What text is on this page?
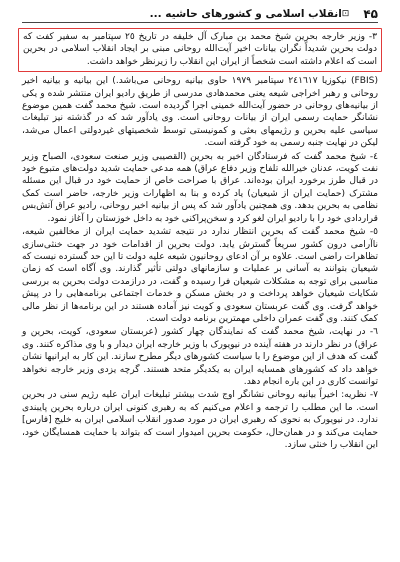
۴۵
⊡
انقلاب اسلامی و کشورهای حاشیه ...

٣- وزیر خارجه بحرین شیخ محمد بن مبارک آل خلیفه در تاریخ ٢٥ سپتامبر به سفیر کفت که دولت بحرین شدیداً نگران بیانات اخیر آیت‌الله روحانی مبنی بر ایجاد انقلاب اسلامی در بحرین است که اعلام داشته است شخصاً از ایران این انقلاب را زیرنظر خواهد داشت.

(FBIS) نیکوزیا ٢٤١٦١٧ سپتامبر ١٩٧٩ حاوی بیانیه روحانی می‌باشد.) این بیانیه و بیانیه اخیر روحانی و رهبر اخراجی شیعه یعنی محمدهادی مدرسی از طریق رادیو ایران منتشر شده و یکی از بیانیه‌های روحانی در حضور آیت‌الله خمینی اجرا گردیده است. شیخ محمد گفت همین موضوع نشانگر حمایت رسمی ایران از بیانات روحانی است. وی یادآور شد که در گذشته نیز تبلیغات سیاسی علیه بحرین و رژیمهای بعثی و کمونیستی توسط شخصیتهای غیردولتی اعمال می‌شد، لیکن در نهایت جنبه رسمی به خود گرفته است.

٤- شیخ محمد گفت که فرستادگان اخیر به بحرین (القصیبی وزیر صنعت سعودی، الصباح وزیر نفت کویت، عدنان خیرالله تلفاح وزیر دفاع عراق) همه مدعی حمایت شدید دولت‌های متبوع خود در قبال طرز برخورد ایران بوده‌اند. عراق با صراحت خاص از حمایت خود در قبال این مسئله مشترک (حمایت ایران از شیعیان) یاد کرده و بنا به اظهارات وزیر خارجه، حاضر است کمک نظامی به بحرین بدهد. وی همچنین یادآور شد که پس از بیانیه اخیر روحانی، رادیو عراق آتش‌بس قراردادی خود را با رادیو ایران لغو کرد و سخن‌پراکنی خود به داخل خوزستان را آغاز نمود.

٥- شیخ محمد گفت که بحرین انتظار ندارد در نتیجه تشدید حمایت ایران از مخالفین شیعه، ناآرامی درون کشور سریعاً گسترش یابد. دولت بحرین از اقدامات خود در جهت خنثی‌سازی تظاهرات راضی است. علاوه بر آن ادعای روحانیون شیعه علیه دولت تا این حد گسترده نیست که شیعیان بتوانند به ‌آسانی بر عملیات و سازمانهای دولتی تأثیر گذارند. وی آگاه است که زمان مناسبی برای توجه به مشکلات شیعیان فرا رسیده و گفت، در درازمدت دولت بحرین به بررسی شکایات شیعیان خواهد پرداخت و در بخش مسکن و خدمات اجتماعی برنامه‌هایی را در پیش خواهد گرفت. وی گفت عربستان سعودی و کویت نیز آماده هستند در این برنامه‌ها از نظر مالی کمک کنند. وی گفت عمران داخلی مهمترین برنامه دولت است.

٦- در نهایت، شیخ محمد گفت که نمایندگان چهار کشور (عربستان سعودی، کویت، بحرین و عراق) در نظر دارند در هفته آینده در نیویورک با وزیر خارجه ایران دیدار و با وی مذاکره کنند. وی گفت که هدف از این موضوع را با سیاست کشورهای دیگر مطرح سازند. این کار به ایرانیها نشان خواهد داد که کشورهای همسایه ایران به یکدیگر متحد هستند. گرچه یزدی وزیر خارجه نخواهد توانست کاری در این باره انجام دهد.

٧- نظریه: اخیراً بیانیه روحانی نشانگر اوج شدت بیشتر تبلیغات ایران علیه رژیم سنی در بحرین است. ما این مطلب را ترجمه و اعلام می‌کنیم که به رهبری کنونی ایران درباره بحرین پایبندی ندارد. در نیویورک به نحوی که رهبری ایران در مورد صدور انقلاب اسلامی ایران به خلیج [فارس] حمایت می‌کند و در همان‌حال، حکومت بحرین امیدوار است که بتواند با حمایت همسایگان خود، این انقلاب را خنثی سازد.
